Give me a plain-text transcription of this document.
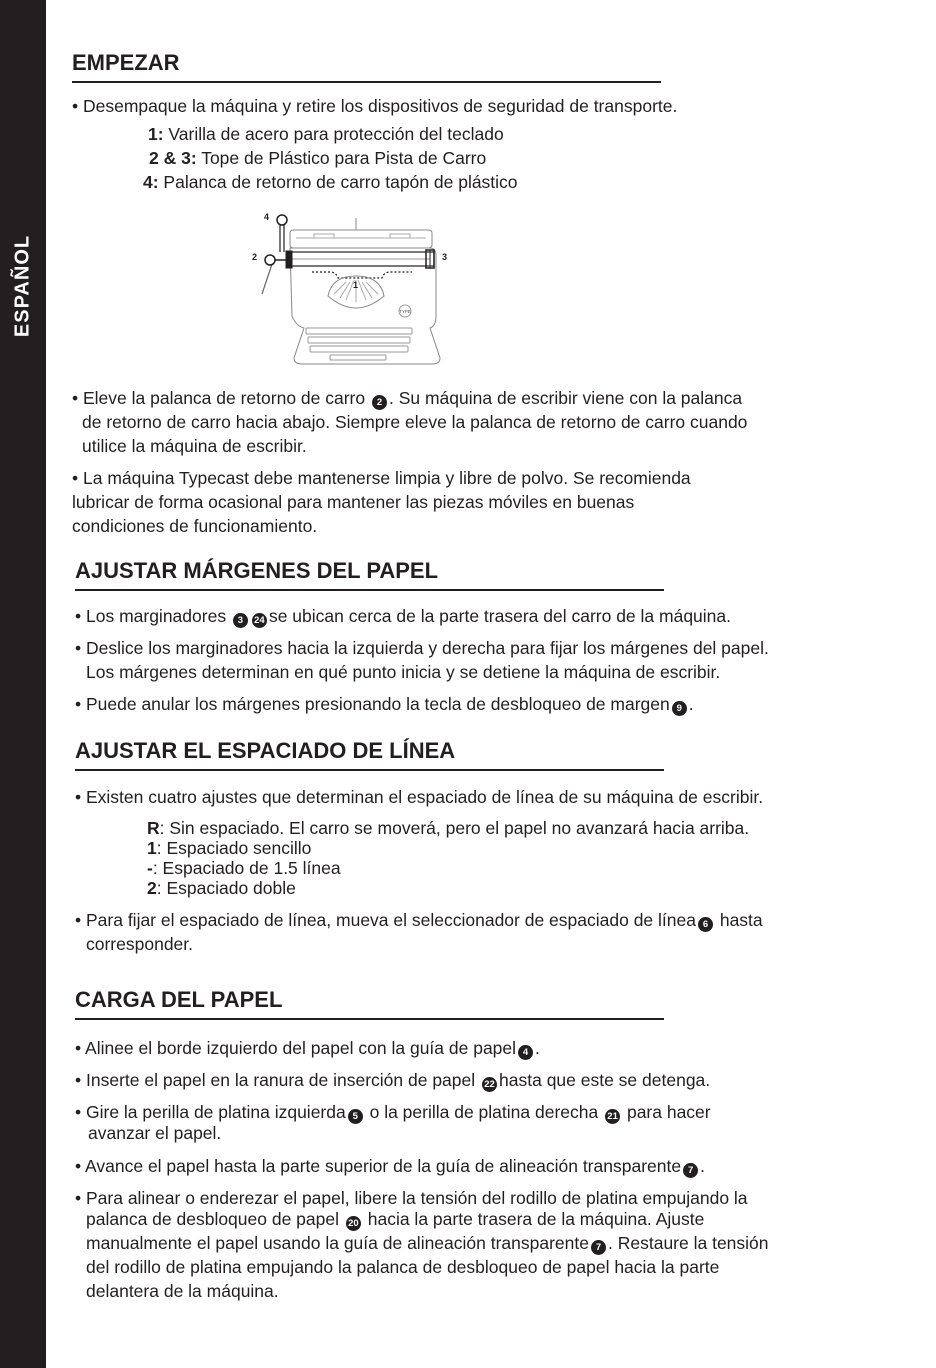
ESPAÑOL
EMPEZAR

• Desempaque la máquina y retire los dispositivos de seguridad de transporte.

1: Varilla de acero para protección del teclado

2 & 3: Tope de Plástico para Pista de Carro

4: Palanca de retorno de carro tapón de plástico

4
2	3
1
TYPE

• Eleve la palanca de retorno de carro 2 . Su máquina de escribir viene con la palanca

de retorno de carro hacia abajo. Siempre eleve la palanca de retorno de carro cuando

utilice la máquina de escribir.

• La máquina Typecast debe mantenerse limpia y libre de polvo. Se recomienda

lubricar de forma ocasional para mantener las piezas móviles en buenas

condiciones de funcionamiento.

AJUSTAR MÁRGENES DEL PAPEL

• Los marginadores 3 24 se ubican cerca de la parte trasera del carro de la máquina.

• Deslice los marginadores hacia la izquierda y derecha para fijar los márgenes del papel.

Los márgenes determinan en qué punto inicia y se detiene la máquina de escribir.

• Puede anular los márgenes presionando la tecla de desbloqueo de margen 9 .

AJUSTAR EL ESPACIADO DE LÍNEA

• Existen cuatro ajustes que determinan el espaciado de línea de su máquina de escribir.

R: Sin espaciado. El carro se moverá, pero el papel no avanzará hacia arriba.

1: Espaciado sencillo

-: Espaciado de 1.5 línea

2: Espaciado doble

• Para fijar el espaciado de línea, mueva el seleccionador de espaciado de línea 6 hasta

corresponder.

CARGA DEL PAPEL

• Alinee el borde izquierdo del papel con la guía de papel 4 .

• Inserte el papel en la ranura de inserción de papel 22 hasta que este se detenga.

• Gire la perilla de platina izquierda 5 o la perilla de platina derecha 21 para hacer

avanzar el papel.

• Avance el papel hasta la parte superior de la guía de alineación transparente 7 .

• Para alinear o enderezar el papel, libere la tensión del rodillo de platina empujando la

palanca de desbloqueo de papel 20 hacia la parte trasera de la máquina. Ajuste

manualmente el papel usando la guía de alineación transparente 7 . Restaure la tensión

del rodillo de platina empujando la palanca de desbloqueo de papel hacia la parte

delantera de la máquina.
